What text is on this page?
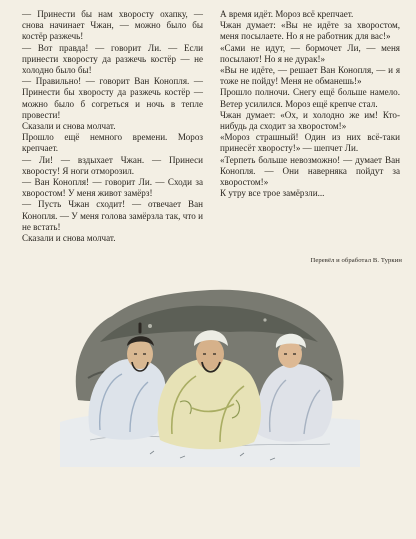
— Принести бы нам хворосту охапку, — снова начинает Чжан, — можно было бы костёр разжечь!

— Вот правда! — говорит Ли. — Если принести хворосту да разжечь костёр — не холодно было бы!

— Правильно! — говорит Ван Конопля. — Принести бы хворосту да разжечь костёр — можно было б согреться и ночь в тепле провести!

Сказали и снова молчат.

Прошло ещё немного времени. Мороз крепчает.

— Ли! — вздыхает Чжан. — Принеси хворосту! Я ноги отморозил.

— Ван Конопля! — говорит Ли. — Сходи за хворостом! У меня живот замёрз!

— Пусть Чжан сходит! — отвечает Ван Конопля. — У меня голова замёрзла так, что и не встать!

Сказали и снова молчат.

А время идёт. Мороз всё крепчает.

Чжан думает: «Вы не идёте за хворостом, меня посылаете. Но я не работник для вас!»

«Сами не идут, — бормочет Ли, — меня посылают! Но я не дурак!»

«Вы не идёте, — решает Ван Конопля, — и я тоже не пойду! Меня не обманешь!»

Прошло полночи. Снегу ещё больше намело. Ветер усилился. Мороз ещё крепче стал.

Чжан думает: «Ох, и холодно же им! Кто-нибудь да сходит за хворостом!»

«Мороз страшный! Один из них всё-таки принесёт хворосту!» — шепчет Ли.

«Терпеть больше невозможно! — думает Ван Конопля. — Они наверняка пойдут за хворостом!»

К утру все трое замёрзли...

Перевёл и обработал В. Туркин
